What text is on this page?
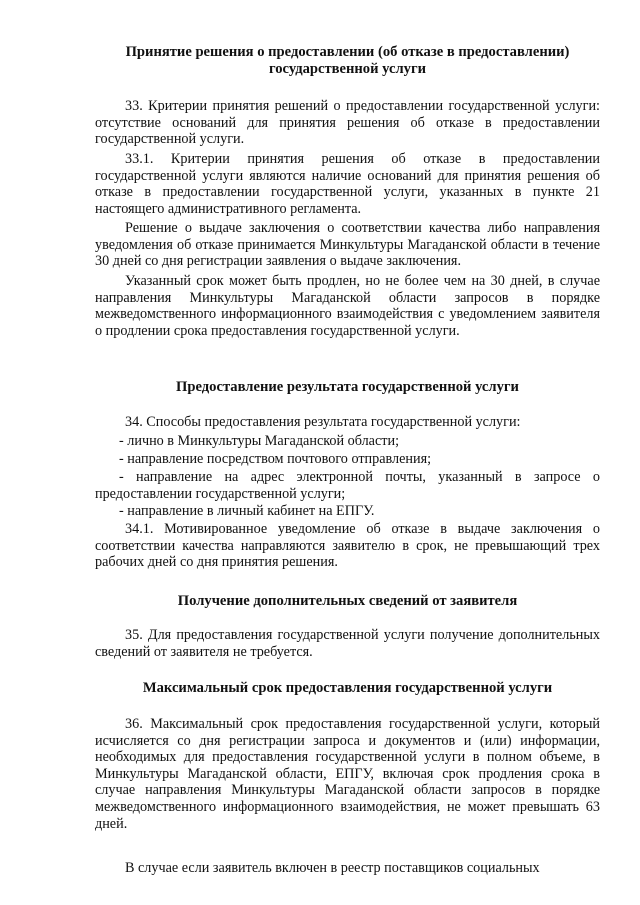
Принятие решения о предоставлении (об отказе в предоставлении) государственной услуги

33. Критерии принятия решений о предоставлении государственной услуги: отсутствие оснований для принятия решения об отказе в предоставлении государственной услуги.

33.1. Критерии принятия решения об отказе в предоставлении государственной услуги являются наличие оснований для принятия решения об отказе в предоставлении государственной услуги, указанных в пункте 21 настоящего административного регламента.

Решение о выдаче заключения о соответствии качества либо направления уведомления об отказе принимается Минкультуры Магаданской области в течение 30 дней со дня регистрации заявления о выдаче заключения.

Указанный срок может быть продлен, но не более чем на 30 дней, в случае направления Минкультуры Магаданской области запросов в порядке межведомственного информационного взаимодействия с уведомлением заявителя о продлении срока предоставления государственной услуги.

Предоставление результата государственной услуги

34. Способы предоставления результата государственной услуги:

- лично в Минкультуры Магаданской области;

- направление посредством почтового отправления;

- направление на адрес электронной почты, указанный в запросе о предоставлении государственной услуги;

- направление в личный кабинет на ЕПГУ.

34.1. Мотивированное уведомление об отказе в выдаче заключения о соответствии качества направляются заявителю в срок, не превышающий трех рабочих дней со дня принятия решения.

Получение дополнительных сведений от заявителя

35. Для предоставления государственной услуги получение дополнительных сведений от заявителя не требуется.

Максимальный срок предоставления государственной услуги

36. Максимальный срок предоставления государственной услуги, который исчисляется со дня регистрации запроса и документов и (или) информации, необходимых для предоставления государственной услуги в полном объеме, в Минкультуры Магаданской области, ЕПГУ, включая срок продления срока в случае направления Минкультуры Магаданской области запросов в порядке межведомственного информационного взаимодействия, не может превышать 63 дней.

В случае если заявитель включен в реестр поставщиков социальных
